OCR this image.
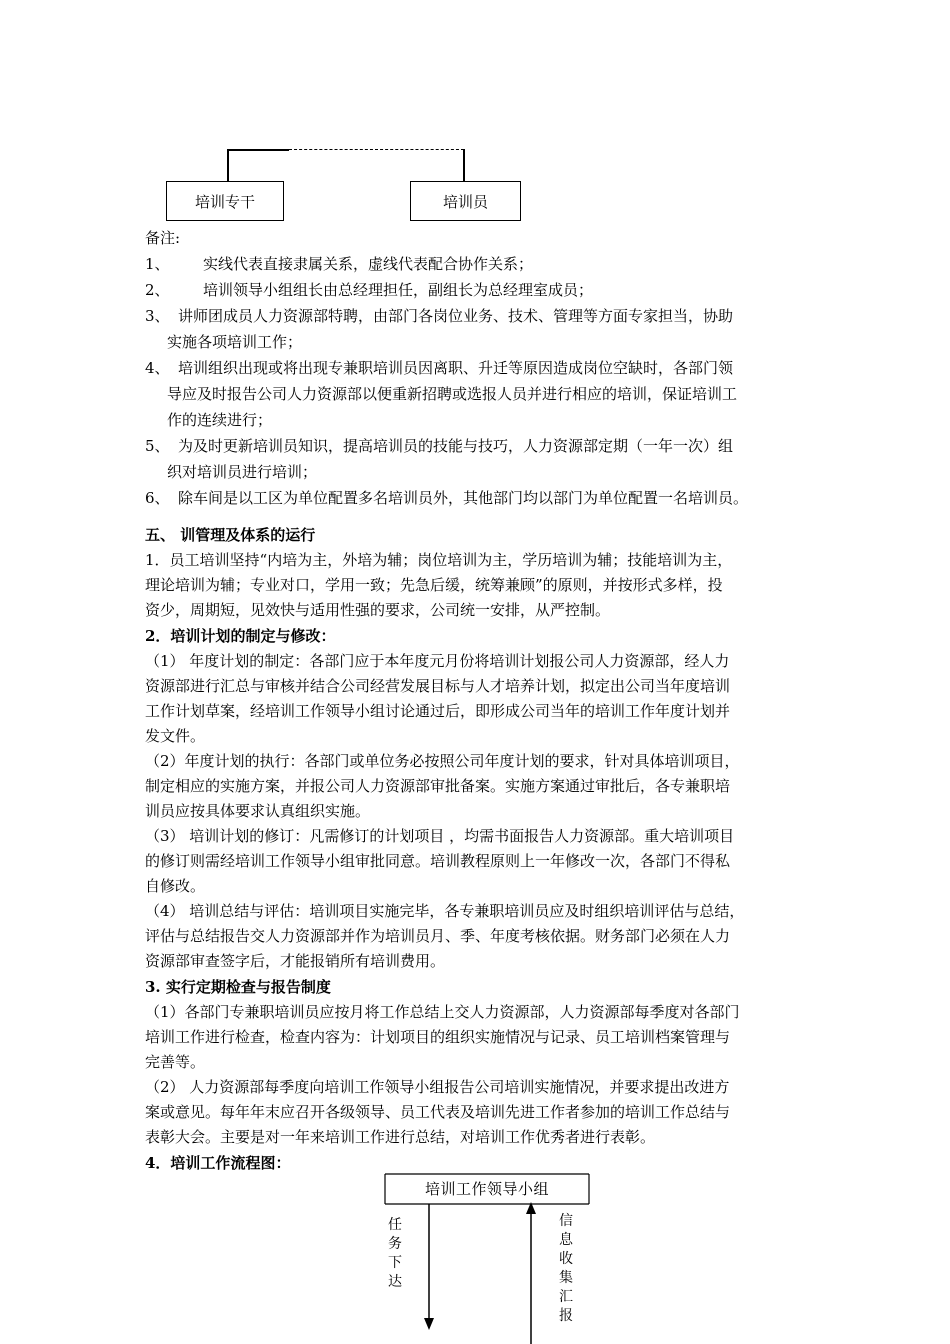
培训专干	培训员
备注:
1、	实线代表直接隶属关系，虚线代表配合协作关系；
2、	培训领导小组组长由总经理担任，副组长为总经理室成员；
3、 讲师团成员人力资源部特聘，由部门各岗位业务、技术、管理等方面专家担当，协助
实施各项培训工作；
4、 培训组织出现或将出现专兼职培训员因离职、升迁等原因造成岗位空缺时，各部门领
导应及时报告公司人力资源部以便重新招聘或选报人员并进行相应的培训，保证培训工
作的连续进行；
5、 为及时更新培训员知识，提高培训员的技能与技巧，人力资源部定期（一年一次）组
织对培训员进行培训；
6、 除车间是以工区为单位配置多名培训员外，其他部门均以部门为单位配置一名培训员。

五、 训管理及体系的运行

1．员工培训坚持“内培为主，外培为辅；岗位培训为主，学历培训为辅；技能培训为主，

理论培训为辅；专业对口，学用一致；先急后缓，统筹兼顾”的原则，并按形式多样，投

资少，周期短，见效快与适用性强的要求，公司统一安排，从严控制。

2．培训计划的制定与修改：

（1） 年度计划的制定：各部门应于本年度元月份将培训计划报公司人力资源部，经人力

资源部进行汇总与审核并结合公司经营发展目标与人才培养计划，拟定出公司当年度培训

工作计划草案，经培训工作领导小组讨论通过后，即形成公司当年的培训工作年度计划并

发文件。

（2）年度计划的执行：各部门或单位务必按照公司年度计划的要求，针对具体培训项目，

制定相应的实施方案，并报公司人力资源部审批备案。实施方案通过审批后，各专兼职培

训员应按具体要求认真组织实施。

（3） 培训计划的修订：凡需修订的计划项目 ，均需书面报告人力资源部。重大培训项目

的修订则需经培训工作领导小组审批同意。培训教程原则上一年修改一次，各部门不得私

自修改。

（4） 培训总结与评估：培训项目实施完毕，各专兼职培训员应及时组织培训评估与总结，

评估与总结报告交人力资源部并作为培训员月、季、年度考核依据。财务部门必须在人力

资源部审查签字后，才能报销所有培训费用。

3. 实行定期检查与报告制度

（1）各部门专兼职培训员应按月将工作总结上交人力资源部，人力资源部每季度对各部门

培训工作进行检查，检查内容为：计划项目的组织实施情况与记录、员工培训档案管理与

完善等。

（2） 人力资源部每季度向培训工作领导小组报告公司培训实施情况，并要求提出改进方

案或意见。每年年末应召开各级领导、员工代表及培训先进工作者参加的培训工作总结与

表彰大会。主要是对一年来培训工作进行总结，对培训工作优秀者进行表彰。

4．培训工作流程图：

培训工作领导小组
任
务
下
达
信
息
收
集
汇
报
